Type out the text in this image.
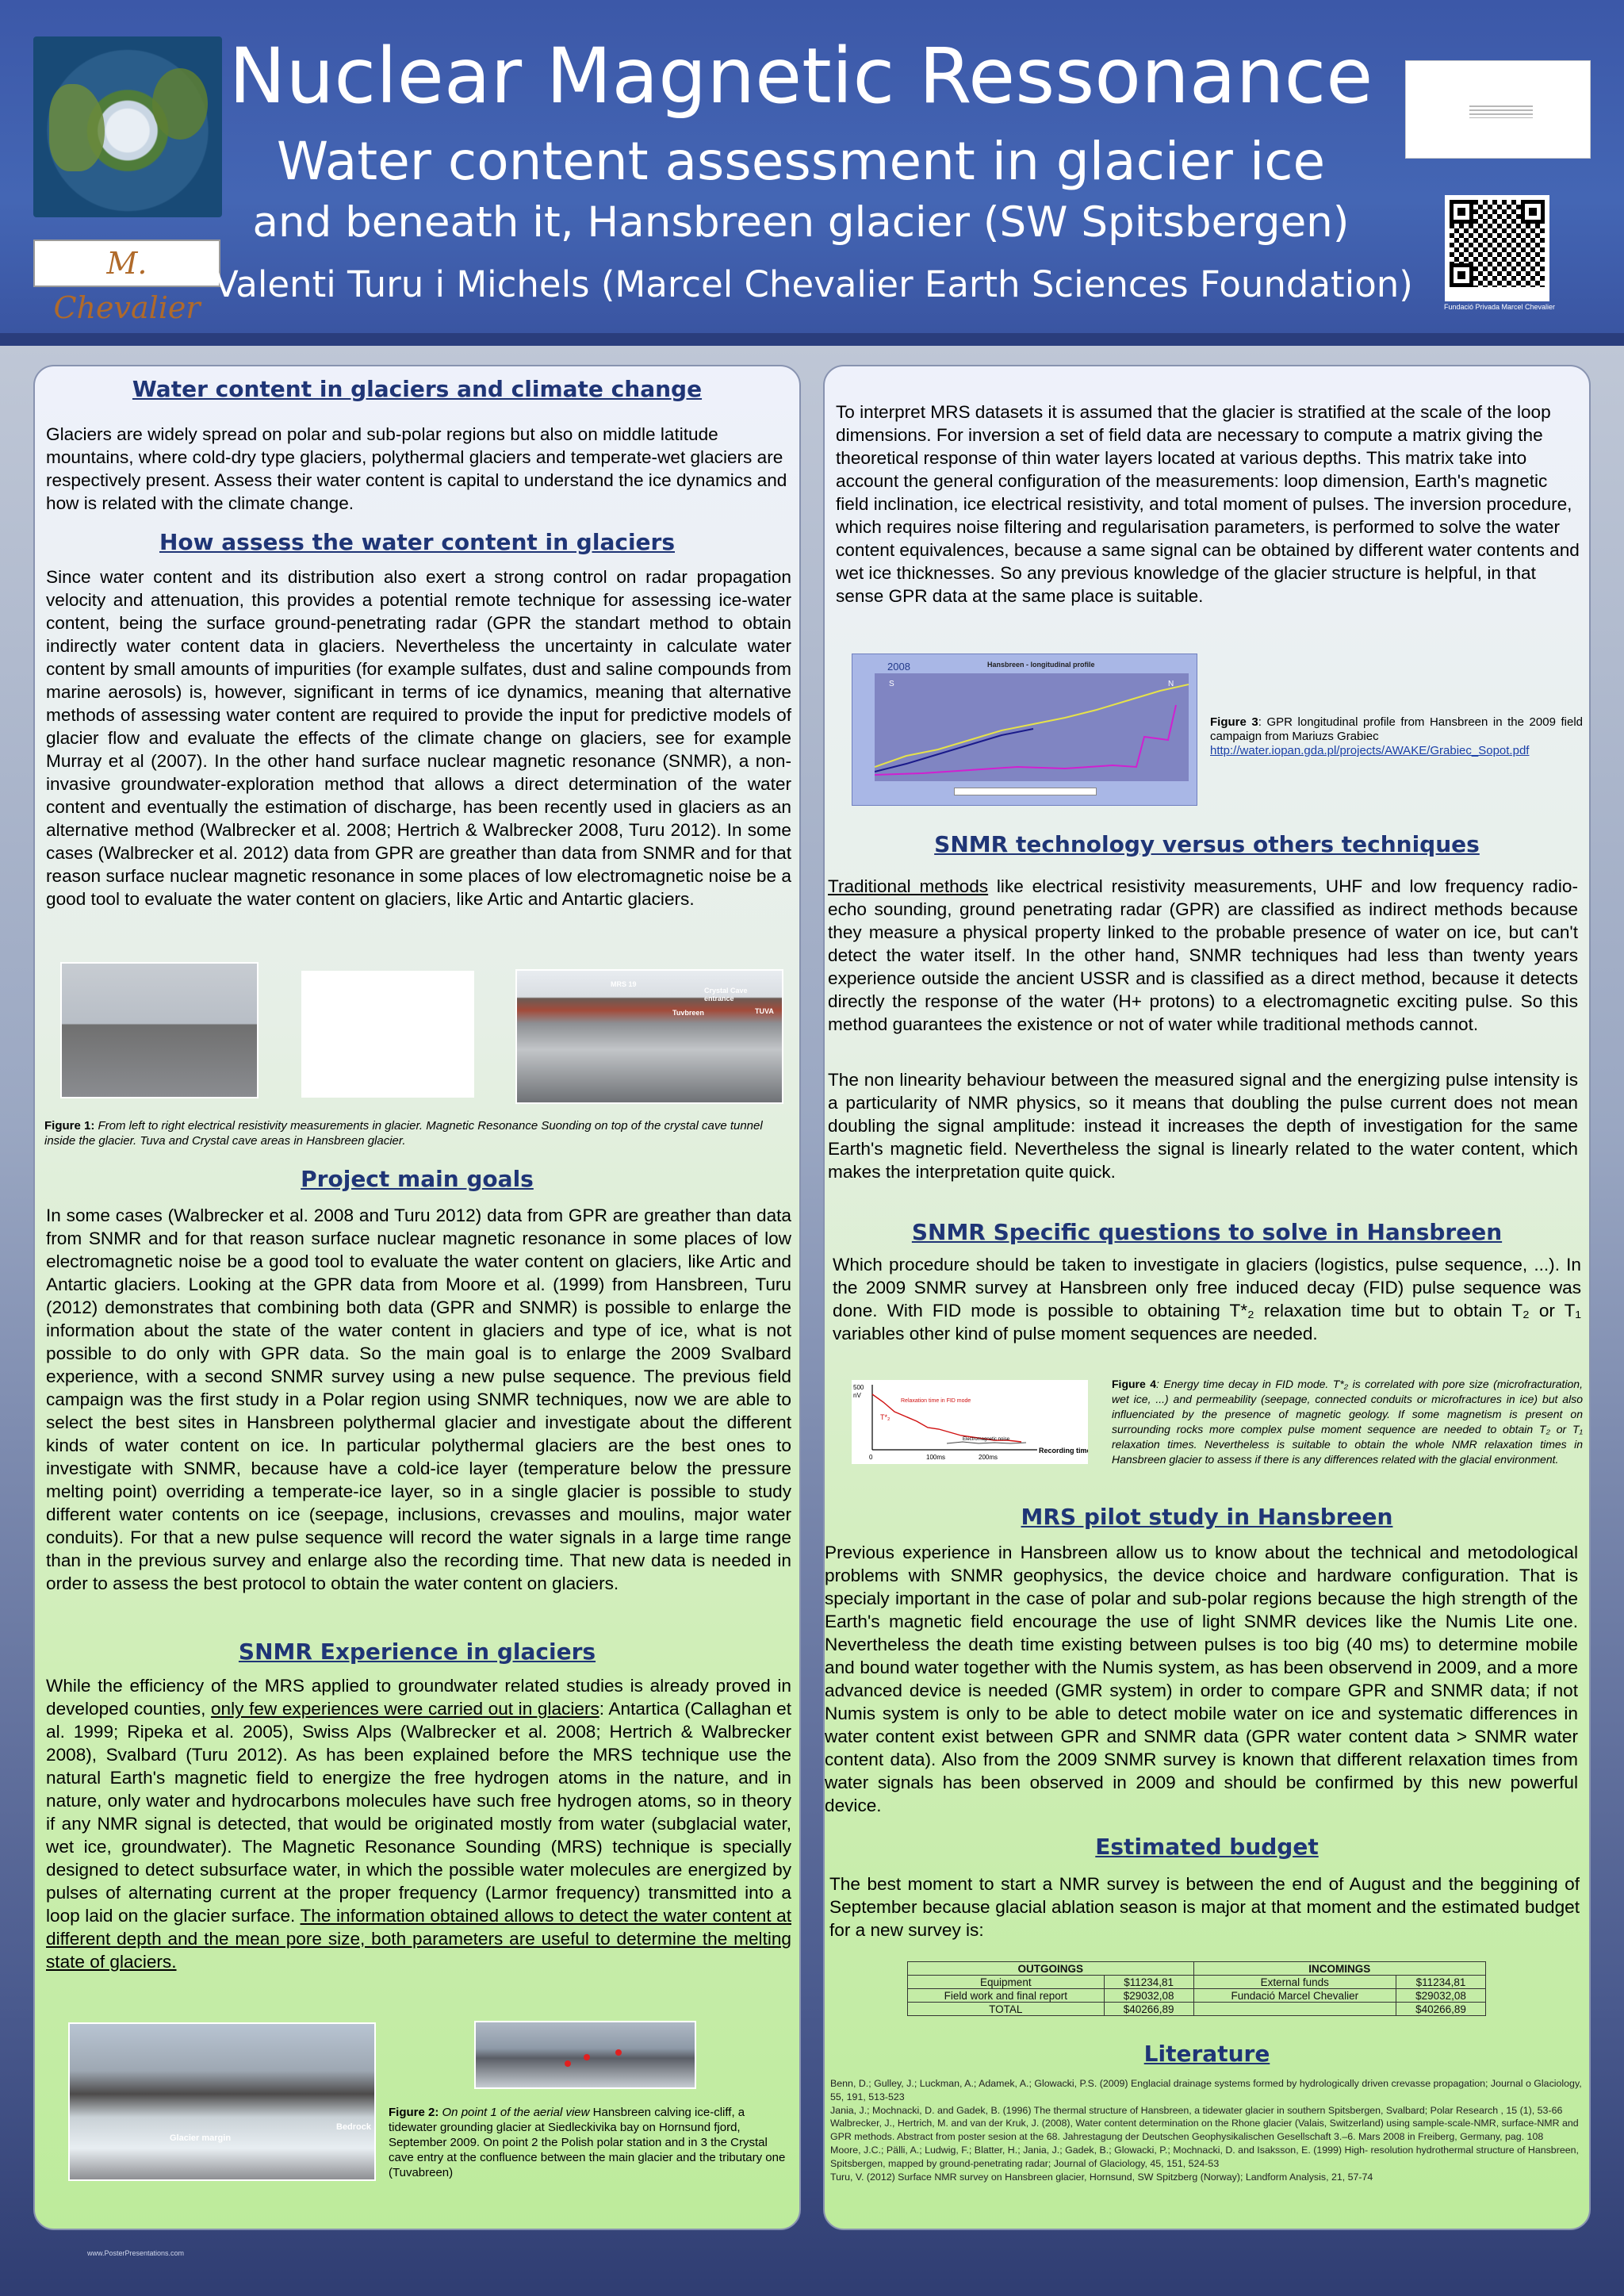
M. Chevalier
Nuclear Magnetic Ressonance
Water content assessment in glacier ice
and beneath it, Hansbreen glacier (SW Spitsbergen)
Valenti Turu i Michels (Marcel Chevalier Earth Sciences Foundation)
Fundació Privada Marcel Chevalier
Water content in glaciers and climate change
Glaciers are widely spread on polar and sub-polar regions but also on middle latitude mountains, where cold-dry type glaciers, polythermal glaciers and temperate-wet glaciers are respectively present. Assess their water content is capital to understand the ice dynamics and how is related with the climate change.
How assess the water content in glaciers
Since water content and its distribution also exert a strong control on radar propagation velocity and attenuation, this provides a potential remote technique for assessing ice-water content, being the surface ground-penetrating radar (GPR the standart method to obtain indirectly water content data in glaciers. Nevertheless the uncertainty in calculate water content by small amounts of impurities (for example sulfates, dust and saline compounds from marine aerosols) is, however, significant in terms of ice dynamics, meaning that alternative methods of assessing water content are required to provide the input for predictive models of glacier flow and evaluate the effects of the climate change on glaciers, see for example Murray et al (2007). In the other hand surface nuclear magnetic resonance (SNMR), a non-invasive groundwater-exploration method that allows a direct determination of the water content and eventually the estimation of discharge, has been recently used in glaciers as an alternative method (Walbrecker et al. 2008; Hertrich & Walbrecker 2008, Turu 2012). In some cases (Walbrecker et al. 2012) data from GPR are greather than data from SNMR and for that reason surface nuclear magnetic resonance in some places of low electromagnetic noise be a good tool to evaluate the water content on glaciers, like Artic and Antartic glaciers.
MRS 19
Crystal Cave entrance
Tuvbreen	TUVA
Figure 1: From left to right electrical resistivity measurements in glacier. Magnetic Resonance Suonding on top of the crystal cave tunnel inside the glacier. Tuva and Crystal cave areas in Hansbreen glacier.
Project main goals
In some cases (Walbrecker et al. 2008 and Turu 2012) data from GPR are greather than data from SNMR and for that reason surface nuclear magnetic resonance in some places of low electromagnetic noise be a good tool to evaluate the water content on glaciers, like Artic and Antartic glaciers. Looking at the GPR data from Moore et al. (1999) from Hansbreen, Turu (2012) demonstrates that combining both data (GPR and SNMR) is possible to enlarge the information about the state of the water content in glaciers and type of ice, what is not possible to do only with GPR data. So the main goal is to enlarge the 2009 Svalbard experience, with a second SNMR survey using a new pulse sequence. The previous field campaign was the first study in a Polar region using SNMR techniques, now we are able to select the best sites in Hansbreen polythermal glacier and investigate about the different kinds of water content on ice. In particular polythermal glaciers are the best ones to investigate with SNMR, because have a cold-ice layer (temperature below the pressure melting point) overriding a temperate-ice layer, so in a single glacier is possible to study different water contents on ice (seepage, inclusions, crevasses and moulins, major water conduits). For that a new pulse sequence will record the water signals in a large time range than in the previous survey and enlarge also the recording time. That new data is needed in order to assess the best protocol to obtain the water content on glaciers.
SNMR Experience in glaciers
While the efficiency of the MRS applied to groundwater related studies is already proved in developed counties, only few experiences were carried out in glaciers: Antartica (Callaghan et al. 1999; Ripeka et al. 2005), Swiss Alps (Walbrecker et al. 2008; Hertrich & Walbrecker 2008), Svalbard (Turu 2012). As has been explained before the MRS technique use the natural Earth's magnetic field to energize the free hydrogen atoms in the nature, and in nature, only water and hydrocarbons molecules have such free hydrogen atoms, so in theory if any NMR signal is detected, that would be originated mostly from water (subglacial water, wet ice, groundwater). The Magnetic Resonance Sounding (MRS) technique is specially designed to detect subsurface water, in which the possible water molecules are energized by pulses of alternating current at the proper frequency (Larmor frequency) transmitted into a loop laid on the glacier surface. The information obtained allows to detect the water content at different depth and the mean pore size, both parameters are useful to determine the melting state of glaciers.
Glacier margin
Bedrock
Figure 2: On point 1 of the aerial view Hansbreen calving ice-cliff, a tidewater grounding glacier at Siedleckivika bay on Hornsund fjord, September 2009. On point 2 the Polish polar station and in 3 the Crystal cave entry at the confluence between the main glacier and the tributary one (Tuvabreen)
To interpret MRS datasets it is assumed that the glacier is stratified at the scale of the loop dimensions. For inversion a set of field data are necessary to compute a matrix giving the theoretical response of thin water layers located at various depths. This matrix take into account the general configuration of the measurements: loop dimension, Earth's magnetic field inclination, ice electrical resistivity, and total moment of pulses. The inversion procedure, which requires noise filtering and regularisation parameters, is performed to solve the water content equivalences, because a same signal can be obtained by different water contents and wet ice thicknesses. So any previous knowledge of the glacier structure is helpful, in that sense GPR data at the same place is suitable.
2008	Hansbreen - longitudinal profile
S	N
Figure 3: GPR longitudinal profile from Hansbreen in the 2009 field campaign from Mariuzs Grabiec
http://water.iopan.gda.pl/projects/AWAKE/Grabiec_Sopot.pdf
SNMR technology versus others techniques
Traditional methods like electrical resistivity measurements, UHF and low frequency radio-echo sounding, ground penetrating radar (GPR) are classified as indirect methods because they measure a physical property linked to the probable presence of water on ice, but can't detect the water itself. In the other hand, SNMR techniques had less than twenty years experience outside the ancient USSR and is classified as a direct method, because it detects directly the response of the water (H+ protons) to a electromagnetic exciting pulse. So this method guarantees the existence or not of water while traditional methods cannot.
The non linearity behaviour between the measured signal and the energizing pulse intensity is a particularity of NMR physics, so it means that doubling the pulse current does not mean doubling the signal amplitude: instead it increases the depth of investigation for the same Earth's magnetic field. Nevertheless the signal is linearly related to the water content, which makes the interpretation quite quick.
SNMR Specific questions to solve in Hansbreen
Which procedure should be taken to investigate in glaciers (logistics, pulse sequence, ...). In the 2009 SNMR survey at Hansbreen only free induced decay (FID) pulse sequence was done. With FID mode is possible to obtaining T*₂ relaxation time but to obtain T₂ or T₁ variables other kind of pulse moment sequences are needed.
500
nV
Relaxation time in FID mode
T*₂
Electromagnetic noise
0	100ms	200ms
Recording time
Figure 4: Energy time decay in FID mode. T*₂ is correlated with pore size (microfracturation, wet ice, ...) and permeability (seepage, connected conduits or microfractures in ice) but also influenciated by the presence of magnetic geology. If some magnetism is present on surrounding rocks more complex pulse moment sequence are needed to obtain T₂ or T₁ relaxation times. Nevertheless is suitable to obtain the whole NMR relaxation times in Hansbreen glacier to assess if there is any differences related with the glacial environment.
MRS pilot study in Hansbreen
Previous experience in Hansbreen allow us to know about the technical and metodological problems with SNMR geophysics, the device choice and hardware configuration. That is specialy important in the case of polar and sub-polar regions because the high strength of the Earth's magnetic field encourage the use of light SNMR devices like the Numis Lite one. Nevertheless the death time existing between pulses is too big (40 ms) to determine mobile and bound water together with the Numis system, as has been observend in 2009, and a more advanced device is needed (GMR system) in order to compare GPR and SNMR data; if not Numis system is only to be able to detect mobile water on ice and systematic differences in water content exist between GPR and SNMR data (GPR water content data > SNMR water content data). Also from the 2009 SNMR survey is known that different relaxation times from water signals has been observed in 2009 and should be confirmed by this new powerful device.
Estimated budget
The best moment to start a NMR survey is between the end of August and the beggining of September because glacial ablation season is major at that moment and the estimated budget for a new survey is:
OUTGOINGS		INCOMINGS	
Equipment	$11234,81	External funds	$11234,81
Field work and final report	$29032,08	Fundació Marcel Chevalier	$29032,08
TOTAL	$40266,89		$40266,89
Literature
Benn, D.; Gulley, J.; Luckman, A.; Adamek, A.; Glowacki, P.S. (2009) Englacial drainage systems formed by hydrologically driven crevasse propagation; Journal o Glaciology, 55, 191, 513-523
Jania, J.; Mochnacki, D. and Gadek, B. (1996) The thermal structure of Hansbreen, a tidewater glacier in southern Spitsbergen, Svalbard; Polar Research , 15 (1), 53-66
Walbrecker, J., Hertrich, M. and van der Kruk, J. (2008), Water content determination on the Rhone glacier (Valais, Switzerland) using sample-scale-NMR, surface-NMR and GPR methods. Abstract from poster sesion at the 68. Jahrestagung der Deutschen Geophysikalischen Gesellschaft 3.–6. Mars 2008 in Freiberg, Germany, pag. 108
Moore, J.C.; Pälli, A.; Ludwig, F.; Blatter, H.; Jania, J.; Gadek, B.; Glowacki, P.; Mochnacki, D. and Isaksson, E. (1999) High- resolution hydrothermal structure of Hansbreen, Spitsbergen, mapped by ground-penetrating radar; Journal of Glaciology, 45, 151, 524-53
Turu, V. (2012) Surface NMR survey on Hansbreen glacier, Hornsund, SW Spitzberg (Norway); Landform Analysis, 21, 57-74
www.PosterPresentations.com
